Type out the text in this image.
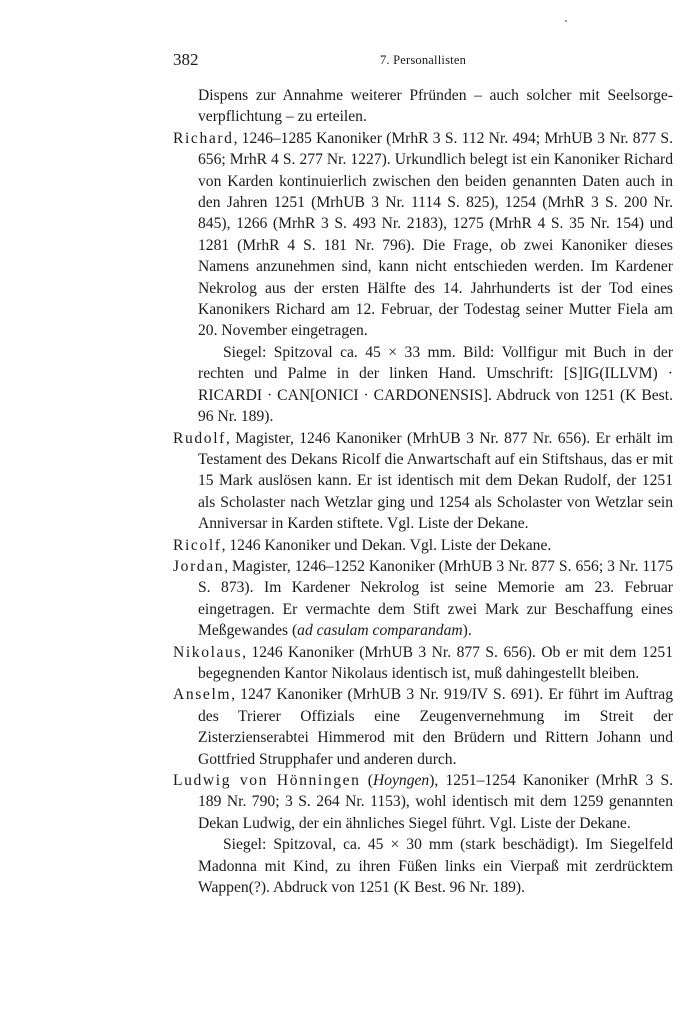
382	7. Personallisten

Dispens zur Annahme weiterer Pfründen – auch solcher mit Seelsorgeverpflichtung – zu erteilen.

Richard, 1246–1285 Kanoniker (MrhR 3 S. 112 Nr. 494; MrhUB 3 Nr. 877 S. 656; MrhR 4 S. 277 Nr. 1227). Urkundlich belegt ist ein Kanoniker Richard von Karden kontinuierlich zwischen den beiden genannten Daten auch in den Jahren 1251 (MrhUB 3 Nr. 1114 S. 825), 1254 (MrhR 3 S. 200 Nr. 845), 1266 (MrhR 3 S. 493 Nr. 2183), 1275 (MrhR 4 S. 35 Nr. 154) und 1281 (MrhR 4 S. 181 Nr. 796). Die Frage, ob zwei Kanoniker dieses Namens anzunehmen sind, kann nicht entschieden werden. Im Kardener Nekrolog aus der ersten Hälfte des 14. Jahrhunderts ist der Tod eines Kanonikers Richard am 12. Februar, der Todestag seiner Mutter Fiela am 20. November eingetragen.

Siegel: Spitzoval ca. 45 × 33 mm. Bild: Vollfigur mit Buch in der rechten und Palme in der linken Hand. Umschrift: [S]IG(ILLVM) · RICARDI · CAN[ONICI · CARDONENSIS]. Abdruck von 1251 (K Best. 96 Nr. 189).

Rudolf, Magister, 1246 Kanoniker (MrhUB 3 Nr. 877 Nr. 656). Er erhält im Testament des Dekans Ricolf die Anwartschaft auf ein Stiftshaus, das er mit 15 Mark auslösen kann. Er ist identisch mit dem Dekan Rudolf, der 1251 als Scholaster nach Wetzlar ging und 1254 als Scholaster von Wetzlar sein Anniversar in Karden stiftete. Vgl. Liste der Dekane.

Ricolf, 1246 Kanoniker und Dekan. Vgl. Liste der Dekane.

Jordan, Magister, 1246–1252 Kanoniker (MrhUB 3 Nr. 877 S. 656; 3 Nr. 1175 S. 873). Im Kardener Nekrolog ist seine Memorie am 23. Februar eingetragen. Er vermachte dem Stift zwei Mark zur Beschaffung eines Meßgewandes (ad casulam comparandam).

Nikolaus, 1246 Kanoniker (MrhUB 3 Nr. 877 S. 656). Ob er mit dem 1251 begegnenden Kantor Nikolaus identisch ist, muß dahingestellt bleiben.

Anselm, 1247 Kanoniker (MrhUB 3 Nr. 919/IV S. 691). Er führt im Auftrag des Trierer Offizials eine Zeugenvernehmung im Streit der Zisterzienserabtei Himmerod mit den Brüdern und Rittern Johann und Gottfried Strupphafer und anderen durch.

Ludwig von Hönningen (Hoyngen), 1251–1254 Kanoniker (MrhR 3 S. 189 Nr. 790; 3 S. 264 Nr. 1153), wohl identisch mit dem 1259 genannten Dekan Ludwig, der ein ähnliches Siegel führt. Vgl. Liste der Dekane.

Siegel: Spitzoval, ca. 45 × 30 mm (stark beschädigt). Im Siegelfeld Madonna mit Kind, zu ihren Füßen links ein Vierpaß mit zerdrücktem Wappen(?). Abdruck von 1251 (K Best. 96 Nr. 189).
